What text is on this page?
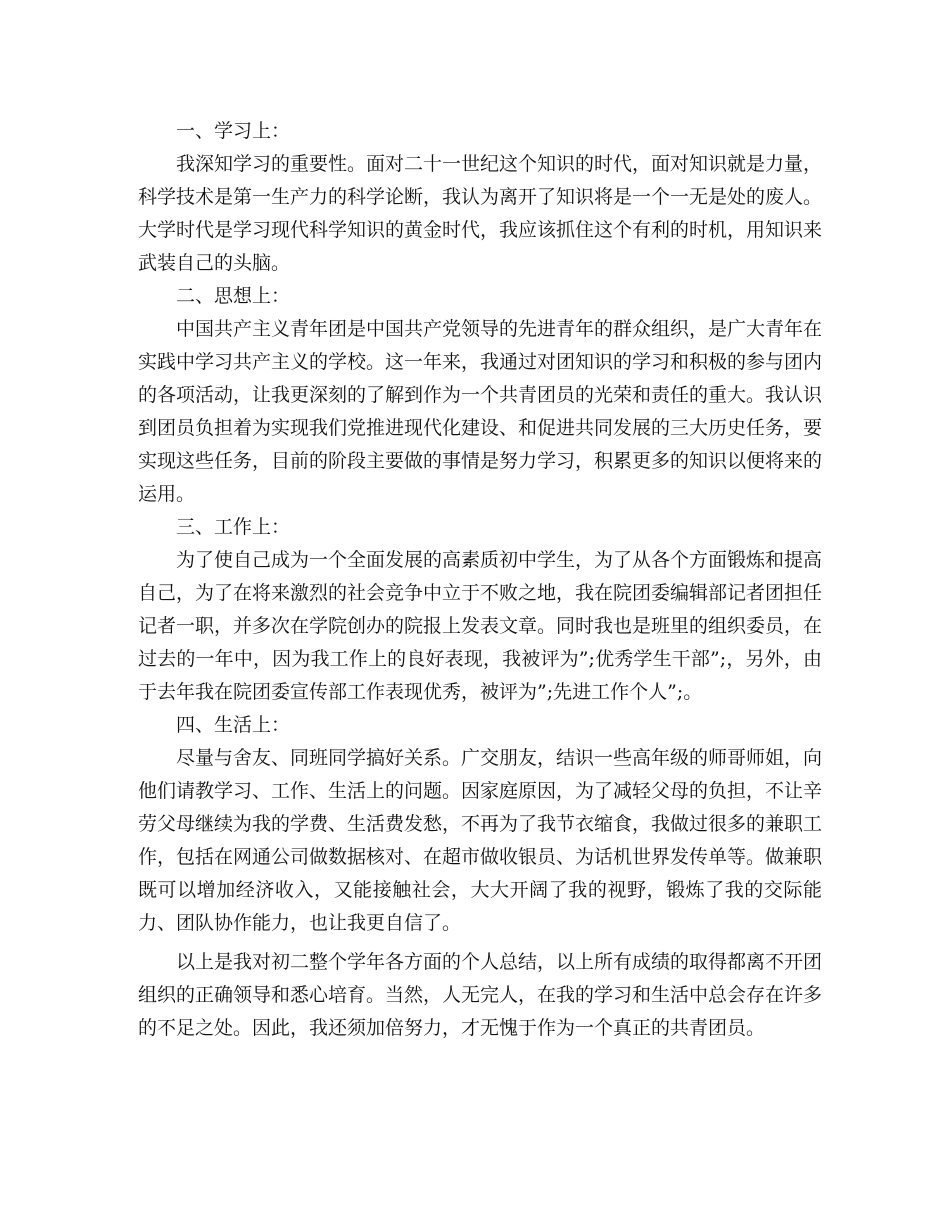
一、学习上：

我深知学习的重要性。面对二十一世纪这个知识的时代，面对知识就是力量，科学技术是第一生产力的科学论断，我认为离开了知识将是一个一无是处的废人。大学时代是学习现代科学知识的黄金时代，我应该抓住这个有利的时机，用知识来武装自己的头脑。

二、思想上：

中国共产主义青年团是中国共产党领导的先进青年的群众组织，是广大青年在实践中学习共产主义的学校。这一年来，我通过对团知识的学习和积极的参与团内的各项活动，让我更深刻的了解到作为一个共青团员的光荣和责任的重大。我认识到团员负担着为实现我们党推进现代化建设、和促进共同发展的三大历史任务，要实现这些任务，目前的阶段主要做的事情是努力学习，积累更多的知识以便将来的运用。

三、工作上：

为了使自己成为一个全面发展的高素质初中学生，为了从各个方面锻炼和提高自己，为了在将来激烈的社会竞争中立于不败之地，我在院团委编辑部记者团担任记者一职，并多次在学院创办的院报上发表文章。同时我也是班里的组织委员，在过去的一年中，因为我工作上的良好表现，我被评为”;优秀学生干部”;，另外，由于去年我在院团委宣传部工作表现优秀，被评为”;先进工作个人”;。

四、生活上：

尽量与舍友、同班同学搞好关系。广交朋友，结识一些高年级的师哥师姐，向他们请教学习、工作、生活上的问题。因家庭原因，为了减轻父母的负担，不让辛劳父母继续为我的学费、生活费发愁，不再为了我节衣缩食，我做过很多的兼职工作，包括在网通公司做数据核对、在超市做收银员、为话机世界发传单等。做兼职既可以增加经济收入，又能接触社会，大大开阔了我的视野，锻炼了我的交际能力、团队协作能力，也让我更自信了。

以上是我对初二整个学年各方面的个人总结，以上所有成绩的取得都离不开团组织的正确领导和悉心培育。当然，人无完人，在我的学习和生活中总会存在许多的不足之处。因此，我还须加倍努力，才无愧于作为一个真正的共青团员。
